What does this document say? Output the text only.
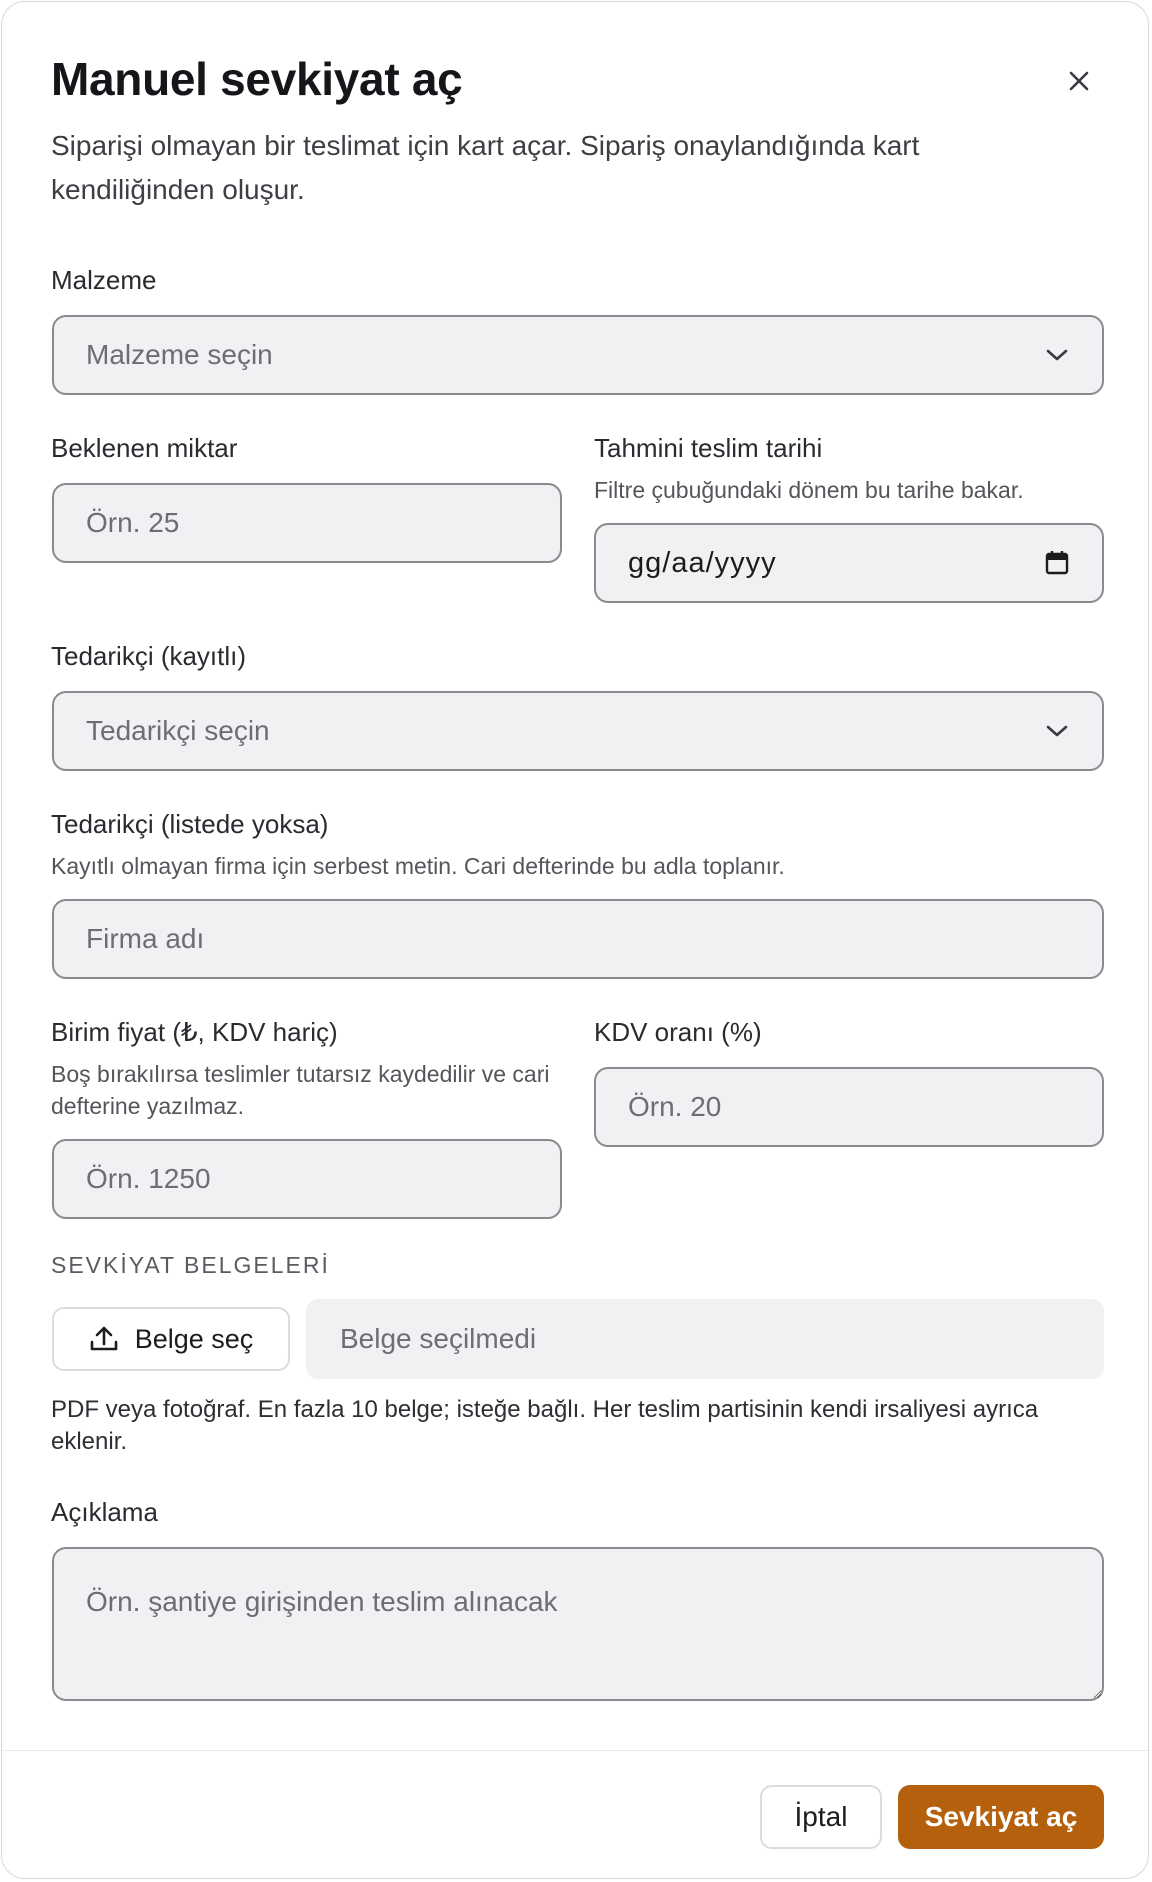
Manuel sevkiyat aç

Siparişi olmayan bir teslimat için kart açar. Sipariş onaylandığında kart kendiliğinden oluşur.

Malzeme
Malzeme seçin
Beklenen miktar
Örn. 25	Tahmini teslim tarihi
Filtre çubuğundaki dönem bu tarihe bakar.
gg/aa/yyyy
Tedarikçi (kayıtlı)
Tedarikçi seçin
Tedarikçi (listede yoksa)
Kayıtlı olmayan firma için serbest metin. Cari defterinde bu adla toplanır.
Firma adı
Birim fiyat (₺, KDV hariç)
Boş bırakılırsa teslimler tutarsız kaydedilir ve cari defterine yazılmaz.
Örn. 1250
KDV oranı (%)
Örn. 20
SEVKİYAT BELGELERİ
Belge seç	Belge seçilmedi
PDF veya fotoğraf. En fazla 10 belge; isteğe bağlı. Her teslim partisinin kendi irsaliyesi ayrıca eklenir.
Açıklama
Örn. şantiye girişinden teslim alınacak
İptal	Sevkiyat aç
